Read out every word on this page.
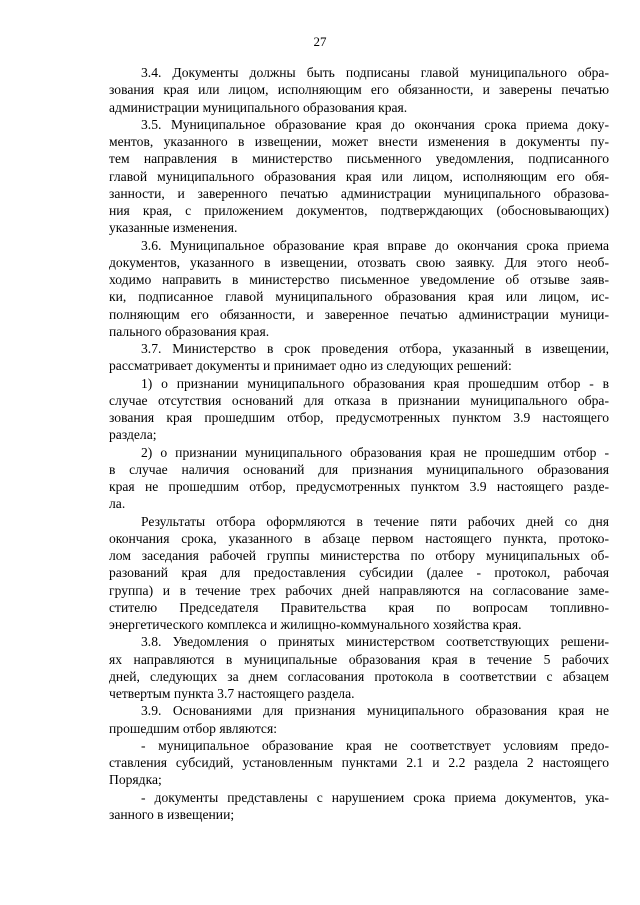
27
3.4. Документы должны быть подписаны главой муниципального обра-
зования края или лицом, исполняющим его обязанности, и заверены печатью
администрации муниципального образования края.
3.5. Муниципальное образование края до окончания срока приема доку-
ментов, указанного в извещении, может внести изменения в документы пу-
тем направления в министерство письменного уведомления, подписанного
главой муниципального образования края или лицом, исполняющим его обя-
занности, и заверенного печатью администрации муниципального образова-
ния края, с приложением документов, подтверждающих (обосновывающих)
указанные изменения.
3.6. Муниципальное образование края вправе до окончания срока приема
документов, указанного в извещении, отозвать свою заявку. Для этого необ-
ходимо направить в министерство письменное уведомление об отзыве заяв-
ки, подписанное главой муниципального образования края или лицом, ис-
полняющим его обязанности, и заверенное печатью администрации муници-
пального образования края.
3.7. Министерство в срок проведения отбора, указанный в извещении,
рассматривает документы и принимает одно из следующих решений:
1) о признании муниципального образования края прошедшим отбор - в
случае отсутствия оснований для отказа в признании муниципального обра-
зования края прошедшим отбор, предусмотренных пунктом 3.9 настоящего
раздела;
2) о признании муниципального образования края не прошедшим отбор -
в случае наличия оснований для признания муниципального образования
края не прошедшим отбор, предусмотренных пунктом 3.9 настоящего разде-
ла.
Результаты отбора оформляются в течение пяти рабочих дней со дня
окончания срока, указанного в абзаце первом настоящего пункта, протоко-
лом заседания рабочей группы министерства по отбору муниципальных об-
разований края для предоставления субсидии (далее - протокол, рабочая
группа) и в течение трех рабочих дней направляются на согласование заме-
стителю Председателя Правительства края по вопросам топливно-
энергетического комплекса и жилищно-коммунального хозяйства края.
3.8. Уведомления о принятых министерством соответствующих решени-
ях направляются в муниципальные образования края в течение 5 рабочих
дней, следующих за днем согласования протокола в соответствии с абзацем
четвертым пункта 3.7 настоящего раздела.
3.9. Основаниями для признания муниципального образования края не
прошедшим отбор являются:
- муниципальное образование края не соответствует условиям предо-
ставления субсидий, установленным пунктами 2.1 и 2.2 раздела 2 настоящего
Порядка;
- документы представлены с нарушением срока приема документов, ука-
занного в извещении;
